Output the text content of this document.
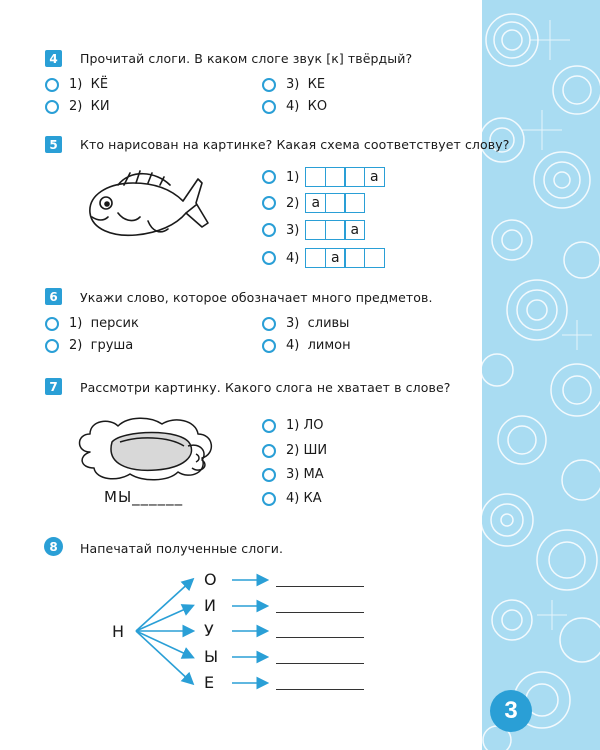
4	Прочитай слоги. В каком слоге звук [к] твёрдый?
1)
КЁ
2)
КИ
3)
КЕ
4)
КО
5	Кто нарисован на картинке? Какая схема соответствует слову?
1)	а
2) а
3)	а
4)	а
6	Укажи слово, которое обозначает много предметов.
1)
персик
2)
груша
3)
сливы
4)
лимон
7	Рассмотри картинку. Какого слога не хватает в слове?
МЫ______
1)
ЛО
2)
ШИ
3)
МА
4)
КА
8	Напечатай полученные слоги.
Н
О
И
У
Ы
Е
3
